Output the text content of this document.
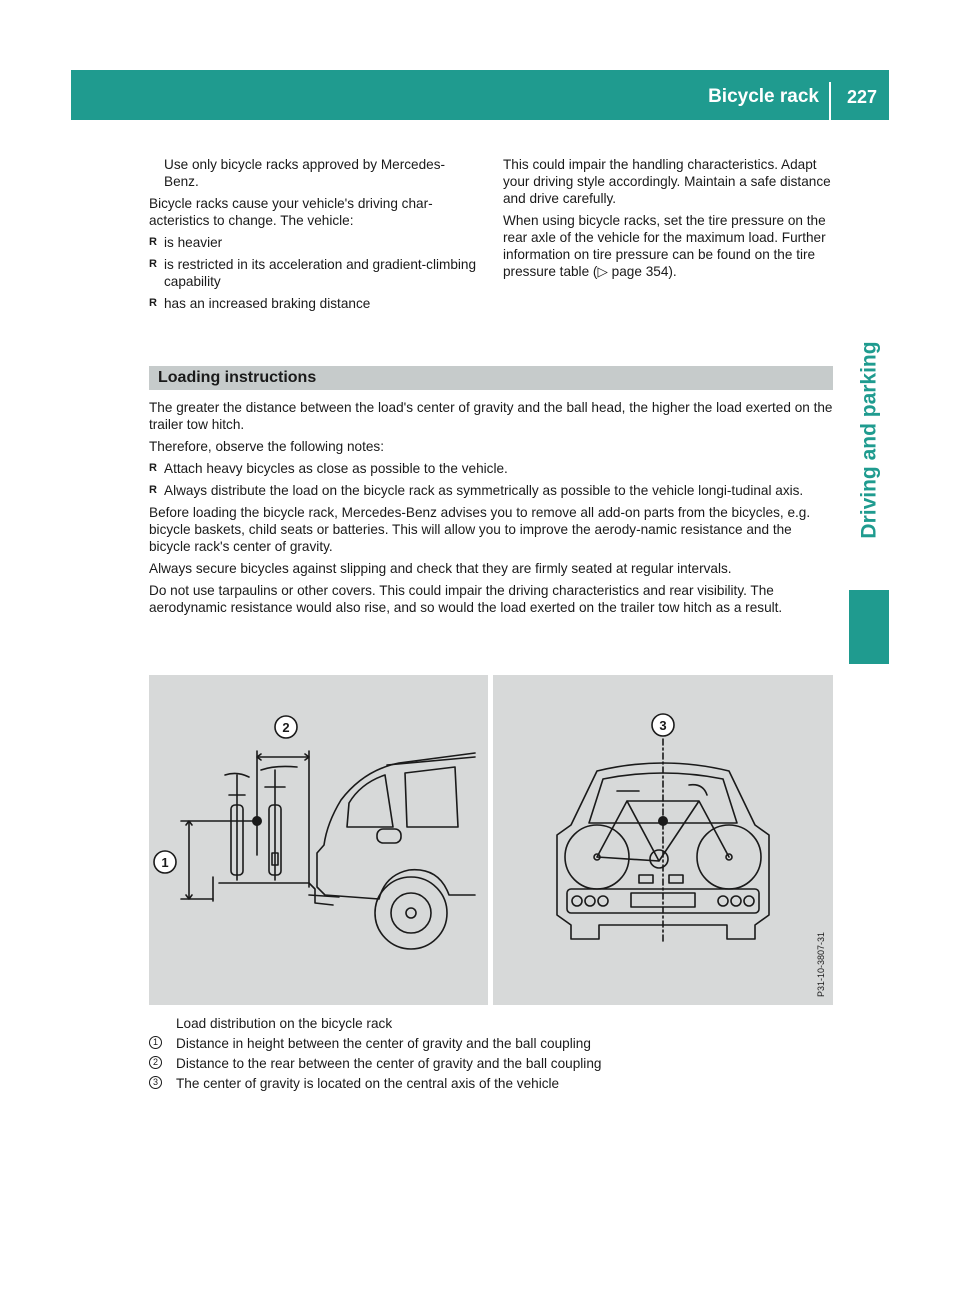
Bicycle rack 227
Driving and parking

Use only bicycle racks approved by Mercedes-Benz.

Bicycle racks cause your vehicle's driving char-acteristics to change. The vehicle:

R is heavier
R is restricted in its acceleration and gradient-climbing capability
R has an increased braking distance

This could impair the handling characteristics. Adapt your driving style accordingly. Maintain a safe distance and drive carefully.

When using bicycle racks, set the tire pressure on the rear axle of the vehicle for the maximum load. Further information on tire pressure can be found on the tire pressure table (▷ page 354).

Loading instructions

The greater the distance between the load's center of gravity and the ball head, the higher the load exerted on the trailer tow hitch.

Therefore, observe the following notes:

R Attach heavy bicycles as close as possible to the vehicle.
R Always distribute the load on the bicycle rack as symmetrically as possible to the vehicle longi-tudinal axis.

Before loading the bicycle rack, Mercedes-Benz advises you to remove all add-on parts from the bicycles, e.g. bicycle baskets, child seats or batteries. This will allow you to improve the aerody-namic resistance and the bicycle rack's center of gravity.

Always secure bicycles against slipping and check that they are firmly seated at regular intervals.

Do not use tarpaulins or other covers. This could impair the driving characteristics and rear visibility. The aerodynamic resistance would also rise, and so would the load exerted on the trailer tow hitch as a result.

1
2	3
P31-10-3807-31
Load distribution on the bicycle rack
1 Distance in height between the center of gravity and the ball coupling
2 Distance to the rear between the center of gravity and the ball coupling
3 The center of gravity is located on the central axis of the vehicle
